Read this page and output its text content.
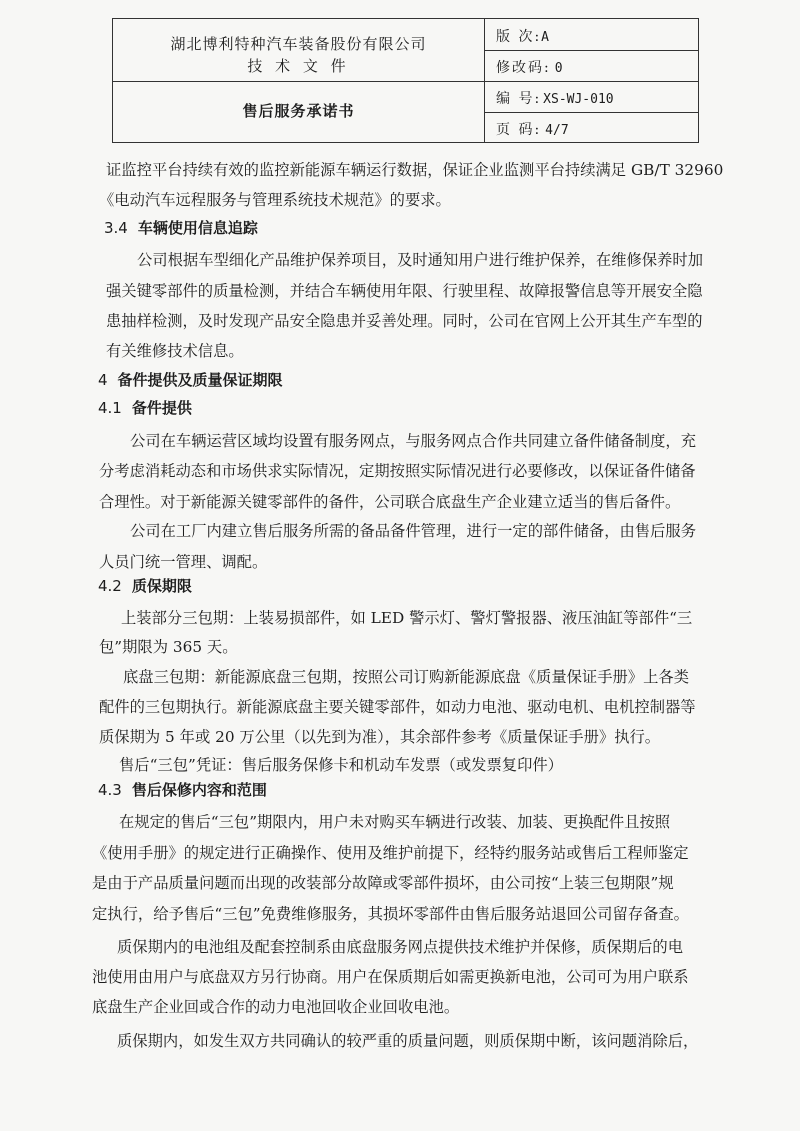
湖北博利特种汽车装备股份有限公司
技 术 文 件
售后服务承诺书
版 次:A
修改码: 0
编 号: XS-WJ-010
页 码: 4/7
证监控平台持续有效的监控新能源车辆运行数据，保证企业监测平台持续满足 GB/T 32960
《电动汽车远程服务与管理系统技术规范》的要求。
3.4 车辆使用信息追踪
公司根据车型细化产品维护保养项目，及时通知用户进行维护保养，在维修保养时加
强关键零部件的质量检测，并结合车辆使用年限、行驶里程、故障报警信息等开展安全隐
患抽样检测，及时发现产品安全隐患并妥善处理。同时，公司在官网上公开其生产车型的
有关维修技术信息。
4 备件提供及质量保证期限
4.1 备件提供
公司在车辆运营区域均设置有服务网点，与服务网点合作共同建立备件储备制度，充
分考虑消耗动态和市场供求实际情况，定期按照实际情况进行必要修改，以保证备件储备
合理性。对于新能源关键零部件的备件，公司联合底盘生产企业建立适当的售后备件。
公司在工厂内建立售后服务所需的备品备件管理，进行一定的部件储备，由售后服务
人员门统一管理、调配。
4.2 质保期限
上装部分三包期：上装易损部件，如 LED 警示灯、警灯警报器、液压油缸等部件“三
包”期限为 365 天。
底盘三包期：新能源底盘三包期，按照公司订购新能源底盘《质量保证手册》上各类
配件的三包期执行。新能源底盘主要关键零部件，如动力电池、驱动电机、电机控制器等
质保期为 5 年或 20 万公里（以先到为准），其余部件参考《质量保证手册》执行。
售后“三包”凭证：售后服务保修卡和机动车发票（或发票复印件）
4.3 售后保修内容和范围
在规定的售后“三包”期限内，用户未对购买车辆进行改装、加装、更换配件且按照
《使用手册》的规定进行正确操作、使用及维护前提下，经特约服务站或售后工程师鉴定
是由于产品质量问题而出现的改装部分故障或零部件损坏，由公司按“上装三包期限”规
定执行，给予售后“三包”免费维修服务，其损坏零部件由售后服务站退回公司留存备查。
质保期内的电池组及配套控制系由底盘服务网点提供技术维护并保修，质保期后的电
池使用由用户与底盘双方另行协商。用户在保质期后如需更换新电池，公司可为用户联系
底盘生产企业回或合作的动力电池回收企业回收电池。
质保期内，如发生双方共同确认的较严重的质量问题，则质保期中断，该问题消除后，
